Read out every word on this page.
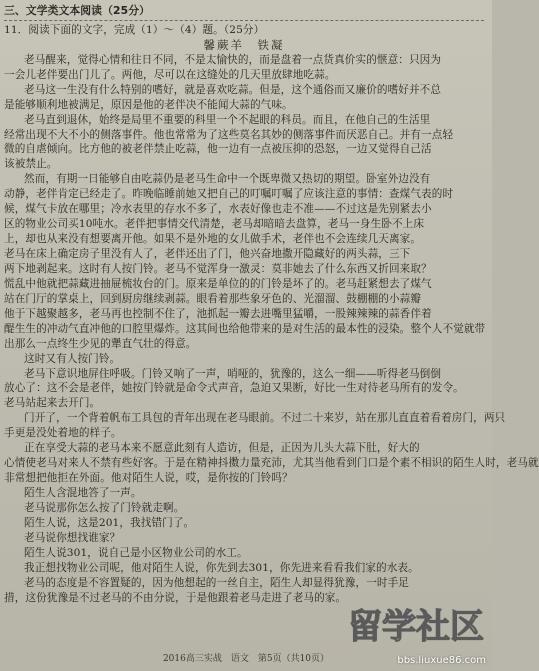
三、文学类文本阅读（25分）
11．阅读下面的文字，完成（1）～（4）题。（25分）
馨蕨羊　铁凝
老马醒来，觉得心情和往日不同，不是太愉快的，而是盘着一点货真价实的惬意：只因为
一会儿老伴要出门儿了。两他，尽可以在这缝处的几天里放肆地吃蒜。
老马这一生没有什么特别的嗜好，就是喜欢吃蒜。但是，这个通俗而又廉价的嗜好并不总
是能够顺利地被满足，原因是他的老伴决不能闻大蒜的气味。
老马直到退休，始终是局里不重要的科里一个不起眼的科员。而且，在他自己的生活里
经常出现不大不小的侧落事件。他也常常为了这些莫名其妙的侧落事件而厌恶自己。并有一点轻
微的自虐倾向。比方他的被老伴禁止吃蒜，他一边有一点被压抑的恐怒，一边又觉得自己活
该被禁止。
然而，有期一日能够自由吃蒜仍是老马生命中一个既卑微又热切的期望。卧室外边没有
动静，老伴肯定已经走了。昨晚临睡前她又把自己的叮嘱叮嘱了应该注意的事情：查煤气表的时
候，煤气卡放在哪里；冷水表里的存水不多了，水表好像也走不准——不过这是先别紧去小
区的物业公司买10吨水。老伴把事情交代清楚，老马却暗暗去盘算，老马一身生卧不上床
上，却也从来没有想要离开他。如果不是外地的女儿做手术，老伴也不会连续几天离家。
老马在床上确定房子里没有人了，老伴还出了门，他兴奋地撒开隐藏好的两头蒜，三下
两下地剥起来。这时有人按门铃。老马不觉浑身一激灵：莫非她去了什么东西又折回来取？
慌乱中他就把蒜藏进抽屉梳妆台的门。原来是单位的的门铃是坏了的。老马赶紧想去了煤气
站在门厅的掌桌上，回到厨房继续剥蒜。眼看着那些象牙色的、光溜溜、鼓棚棚的小蒜瓣
他于下越聚越多，老马再也控制不住了，池抓起一瓣去进嘴里猛嚼，一股辣辣辣的蒜香伴着
醍生生的冲动气直冲他的口腔里爆炸。这其间也给他带来的是对生活的最本性的浸染。整个人不觉就带
出那么一点终生少见的犟直气壮的得意。
这时又有人按门铃。
老马下意识地屏住呼吸。门铃又响了一声，哨哑的，犹豫的，这么一细——听得老马倒倒
放心了：这不会是老伴，她按门铃就是命令式声音，急迫又果断，好比一生对待老马所有的发令。
老马站起来去开门。
门开了，一个背着帆布工具包的青年出现在老马眼前。不过二十来岁，站在那儿直直着看着房门，两只
手更是没处着地的样子。
正在享受大蒜的老马本来不愿意此刻有人造访，但是，正因为儿头大蒜下肚，好大的
心情使老马对来人不禁有些好客。于是在精神抖擞力量充沛，尤其当他看到门口是个素不相识的陌生人时，老马就
非常想把他拒在外面。他对陌生人说，哎，是你按的门铃吗？
陌生人含混地答了一声。
老马说那你怎么按了门铃就走啊。
陌生人说，这是201，我找错门了。
老马说你想找谁家？
陌生人说301，说自己是小区物业公司的水工。
我正想找物业公司呢，他对陌生人说，你先到去301，你先进来看看我们家的水表。
老马的态度是不容置疑的，因为他想起的一丝自主，陌生人却显得犹豫，一时手足
措，这份犹豫是不过老马的不由分说，于是他跟着老马走进了老马的家。
留学社区
bbs.liuxue86.com
2016高三实战　语文　第5页（共10页）
